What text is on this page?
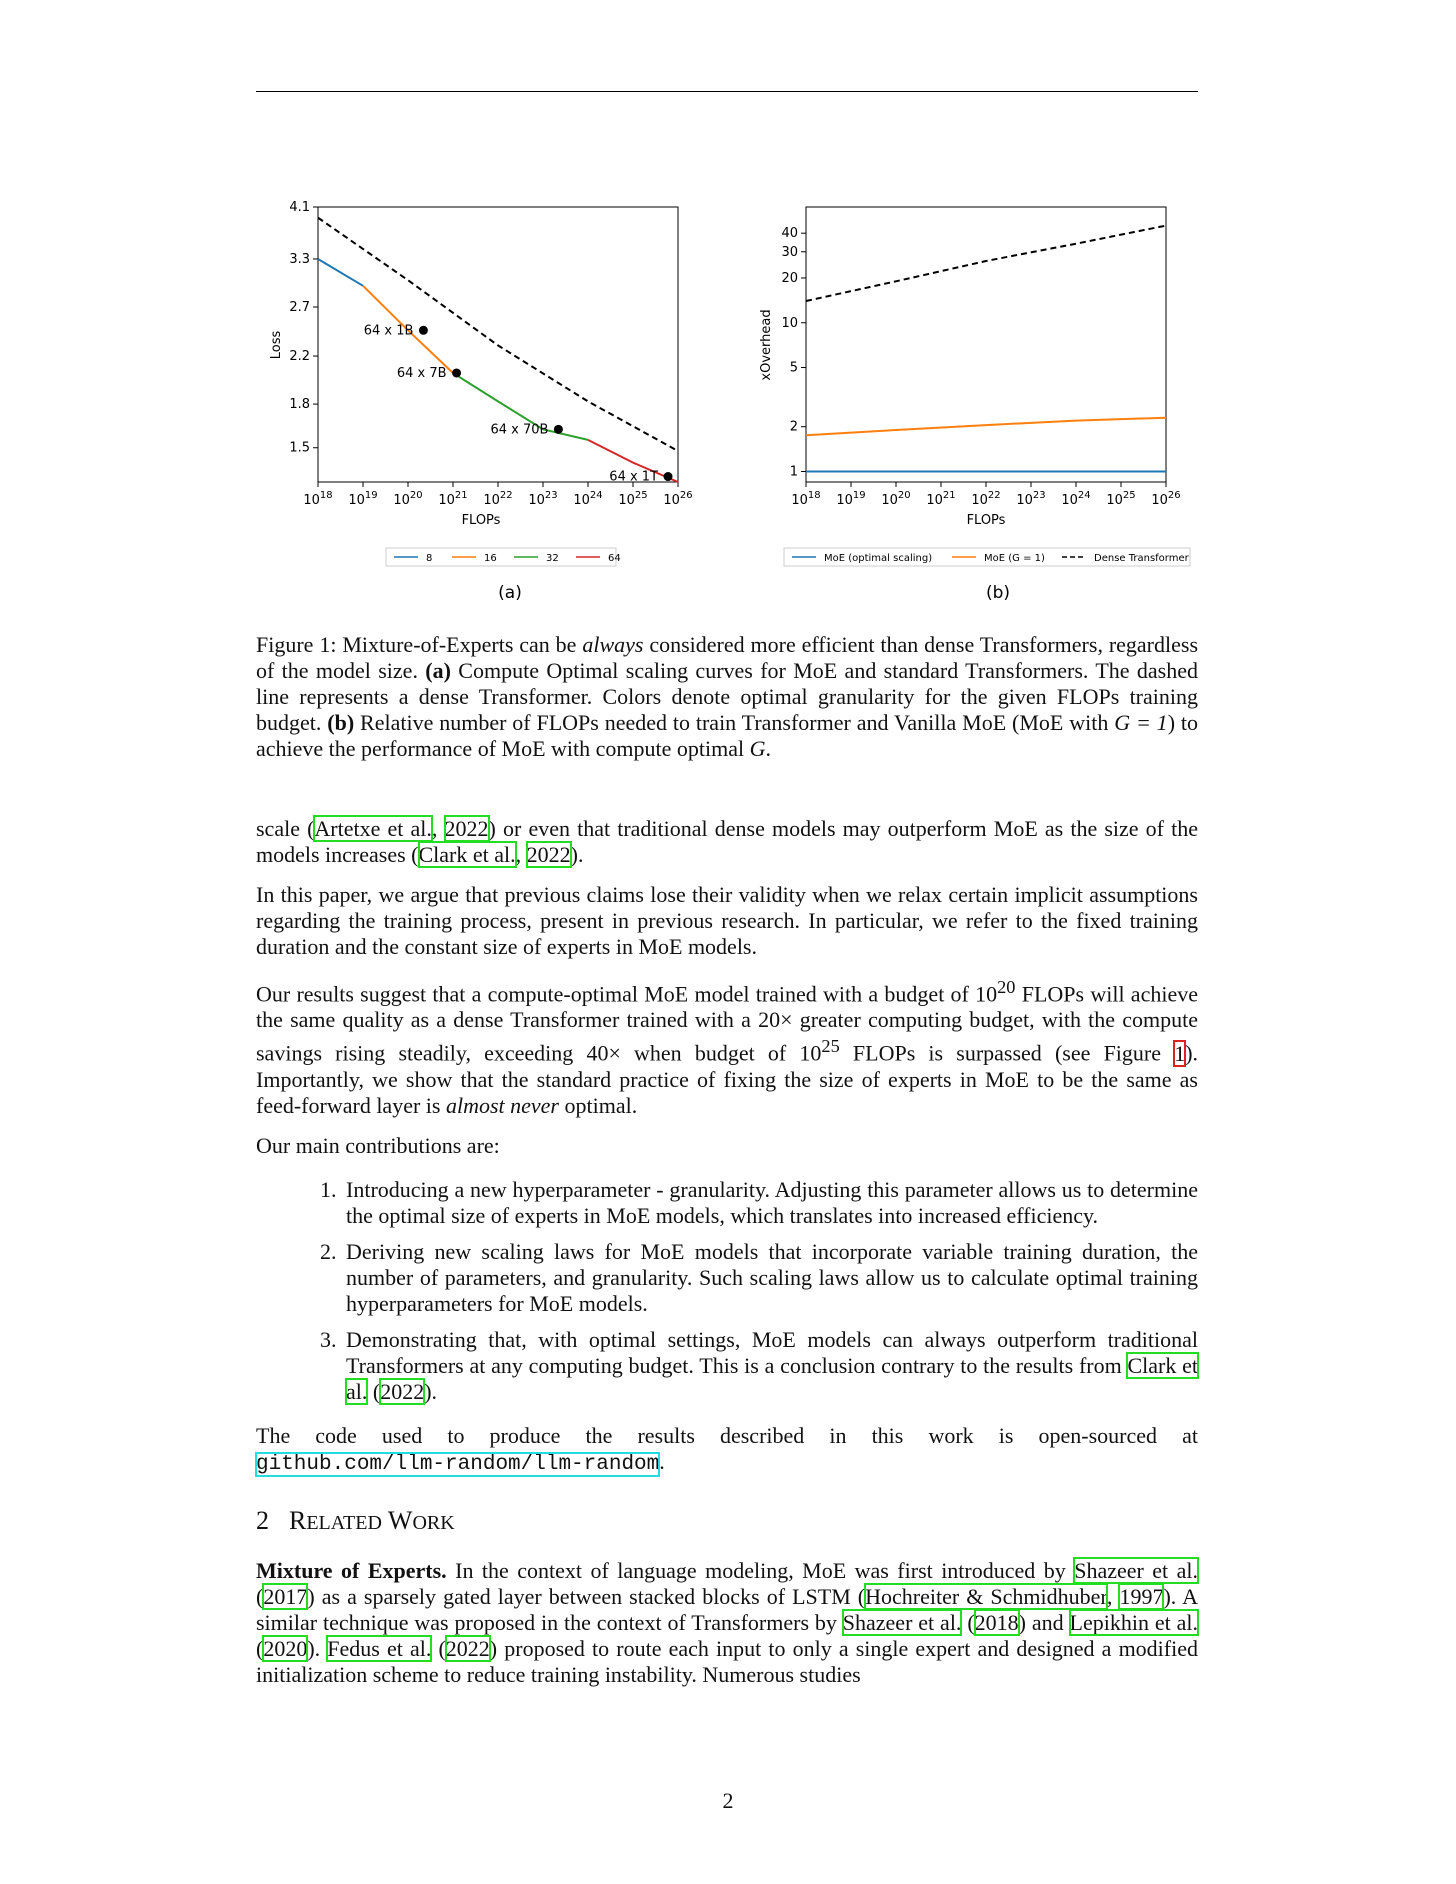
1.5
1.8
2.2
2.7
3.3
4.1
$10^{18}$ $10^{19}$ $10^{20}$ $10^{21}$ $10^{22}$ $10^{23}$ $10^{24}$ $10^{25}$ $10^{26}$
64 x 1B
64 x 7B
64 x 70B
64 x 1T
FLOPs
Loss
8	16	32	64
(a)
1
2
5
10
20
30
40
$10^{18}$ $10^{19}$ $10^{20}$ $10^{21}$ $10^{22}$ $10^{23}$ $10^{24}$ $10^{25}$ $10^{26}$
FLOPs
xOverhead
MoE (optimal scaling)	MoE (G = 1)	Dense Transformer
(b)
Figure 1: Mixture-of-Experts can be always considered more efficient than dense Transformers, regardless of the model size. (a) Compute Optimal scaling curves for MoE and standard Transformers. The dashed line represents a dense Transformer. Colors denote optimal granularity for the given FLOPs training budget. (b) Relative number of FLOPs needed to train Transformer and Vanilla MoE (MoE with G = 1) to achieve the performance of MoE with compute optimal G.

scale (Artetxe et al., 2022) or even that traditional dense models may outperform MoE as the size of the models increases (Clark et al., 2022).

In this paper, we argue that previous claims lose their validity when we relax certain implicit assumptions regarding the training process, present in previous research. In particular, we refer to the fixed training duration and the constant size of experts in MoE models.

Our results suggest that a compute-optimal MoE model trained with a budget of $10^{20}$ FLOPs will achieve the same quality as a dense Transformer trained with a 20× greater computing budget, with the compute savings rising steadily, exceeding 40× when budget of $10^{25}$ FLOPs is surpassed (see Figure 1). Importantly, we show that the standard practice of fixing the size of experts in MoE to be the same as feed-forward layer is almost never optimal.

Our main contributions are:

1. Introducing a new hyperparameter - granularity. Adjusting this parameter allows us to determine the optimal size of experts in MoE models, which translates into increased efficiency.
2. Deriving new scaling laws for MoE models that incorporate variable training duration, the number of parameters, and granularity. Such scaling laws allow us to calculate optimal training hyperparameters for MoE models.
3. Demonstrating that, with optimal settings, MoE models can always outperform traditional Transformers at any computing budget. This is a conclusion contrary to the results from Clark et al. (2022).

The code used to produce the results described in this work is open-sourced at

github.com/llm-random/llm-random.

2 RELATED WORK

Mixture of Experts. In the context of language modeling, MoE was first introduced by Shazeer et al. (2017) as a sparsely gated layer between stacked blocks of LSTM (Hochreiter & Schmidhuber, 1997). A similar technique was proposed in the context of Transformers by Shazeer et al. (2018) and Lepikhin et al. (2020). Fedus et al. (2022) proposed to route each input to only a single expert and designed a modified initialization scheme to reduce training instability. Numerous studies

2
